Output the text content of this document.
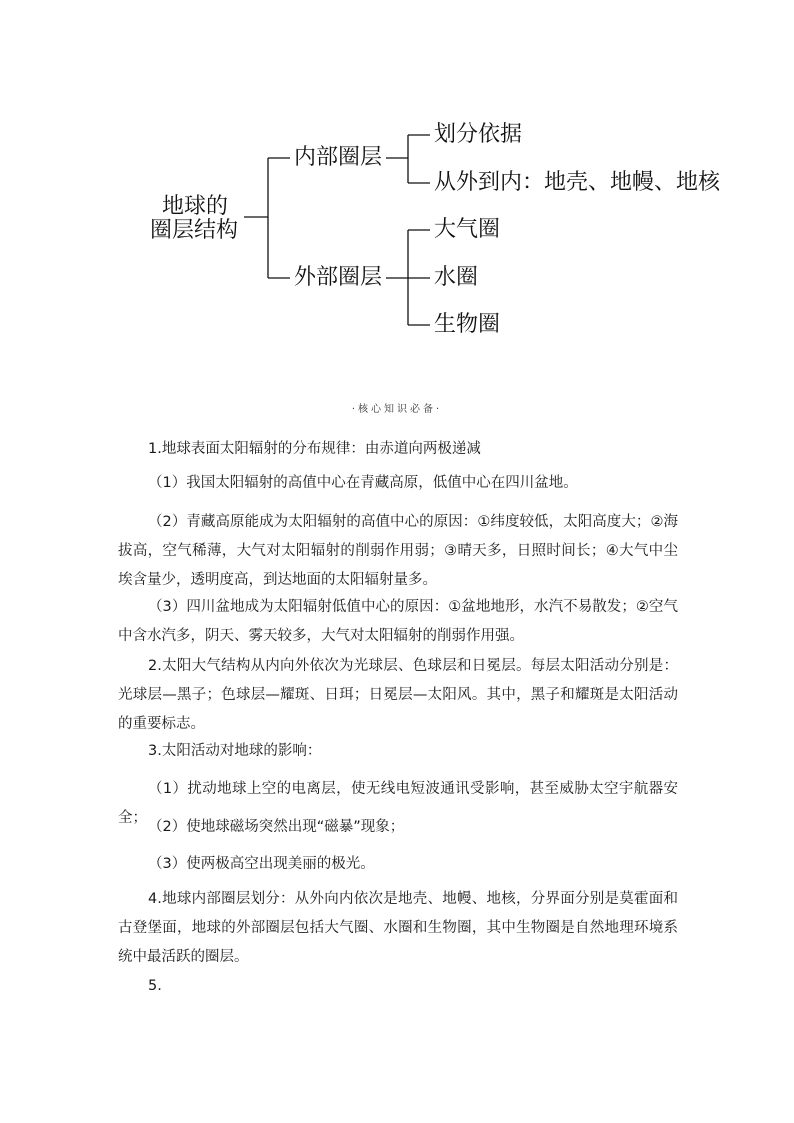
地球的
圈层结构
内部圈层
外部圈层
划分依据
从外到内：地壳、地幔、地核
大气圈
水圈
生物圈
·核心知识必备·
1.地球表面太阳辐射的分布规律：由赤道向两极递减
（1）我国太阳辐射的高值中心在青藏高原，低值中心在四川盆地。
（2）青藏高原能成为太阳辐射的高值中心的原因：①纬度较低，太阳高度大；②海拔高，空气稀薄，大气对太阳辐射的削弱作用弱；③晴天多，日照时间长；④大气中尘埃含量少，透明度高，到达地面的太阳辐射量多。
（3）四川盆地成为太阳辐射低值中心的原因：①盆地地形，水汽不易散发；②空气中含水汽多，阴天、雾天较多，大气对太阳辐射的削弱作用强。
2.太阳大气结构从内向外依次为光球层、色球层和日冕层。每层太阳活动分别是：光球层—黑子；色球层—耀斑、日珥；日冕层—太阳风。其中，黑子和耀斑是太阳活动的重要标志。
3.太阳活动对地球的影响：
（1）扰动地球上空的电离层，使无线电短波通讯受影响，甚至威胁太空宇航器安全；
（2）使地球磁场突然出现“磁暴”现象；
（3）使两极高空出现美丽的极光。
4.地球内部圈层划分：从外向内依次是地壳、地幔、地核，分界面分别是莫霍面和古登堡面，地球的外部圈层包括大气圈、水圈和生物圈，其中生物圈是自然地理环境系统中最活跃的圈层。
5.
